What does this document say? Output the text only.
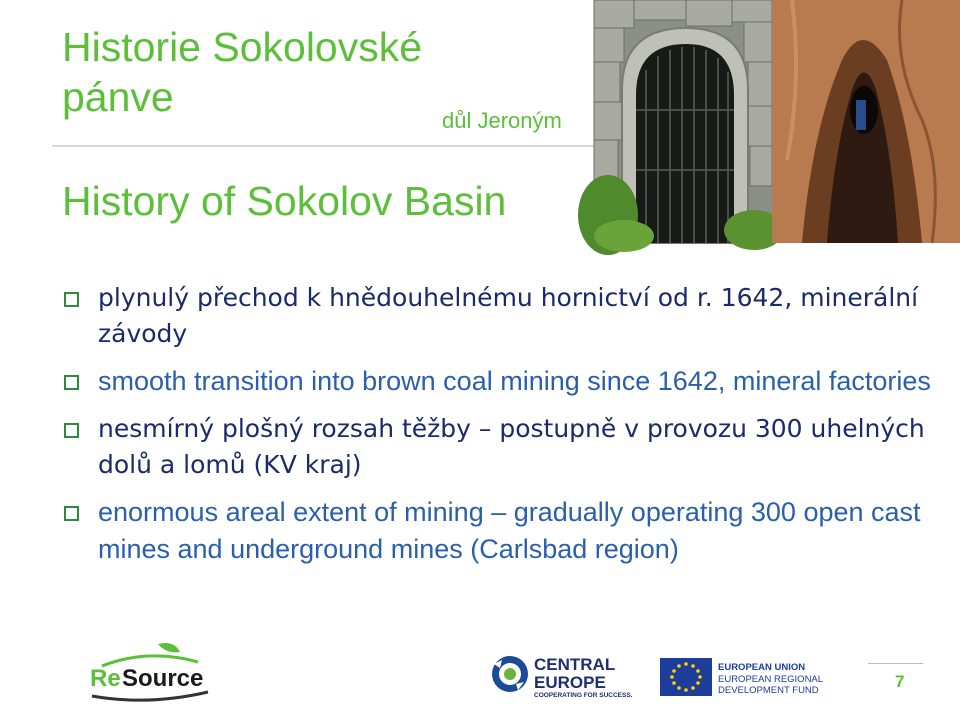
Historie Sokolovské
pánve
důl Jeroným
History of Sokolov Basin
plynulý přechod k hnědouhelnému hornictví od r. 1642, minerální závody
smooth transition into brown coal mining since 1642, mineral factories
nesmírný plošný rozsah těžby – postupně v provozu 300 uhelných dolů a lomů (KV kraj)
enormous areal extent of mining – gradually operating 300 open cast mines and underground mines (Carlsbad region)
Re Source
CENTRAL
EUROPE
COOPERATING FOR SUCCESS.
EUROPEAN UNION
EUROPEAN REGIONAL
DEVELOPMENT FUND	7
